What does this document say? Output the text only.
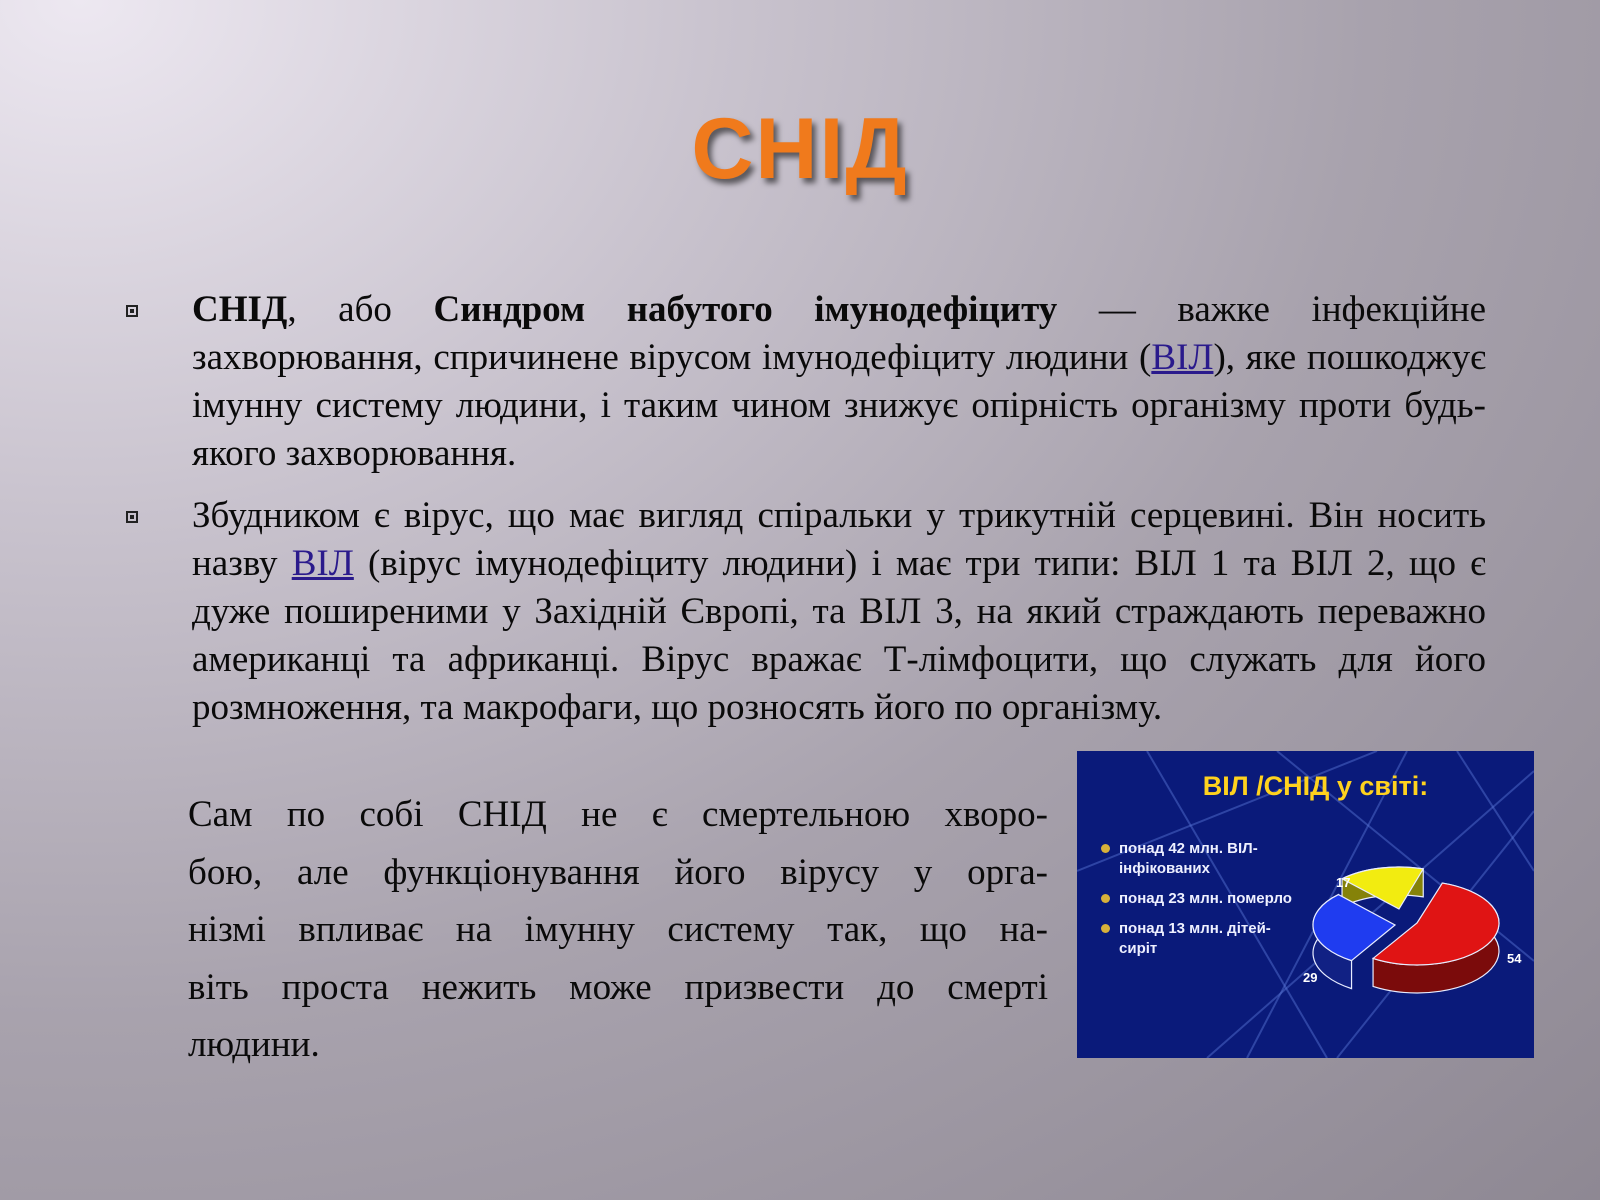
СНІД
СНІД, або Синдром набутого імунодефіциту — важке інфекційне захворювання, спричинене вірусом імунодефіциту людини (ВІЛ), яке пошкоджує імунну систему людини, і таким чином знижує опірність організму проти будь-якого захворювання.
Збудником є вірус, що має вигляд спіральки у трикутній серцевині. Він носить назву ВІЛ (вірус імунодефіциту людини) і має три типи: ВІЛ 1 та ВІЛ 2, що є дуже поширеними у Західній Європі, та ВІЛ 3, на який страждають переважно американці та африканці. Вірус вражає Т-лімфоцити, що служать для його розмноження, та макрофаги, що розносять його по організму.
Сам по собі СНІД не є смертельною хворо-
бою, але функціонування його вірусу у орга-
нізмі впливає на імунну систему так, що на-
віть проста нежить може призвести до смерті
людини.
ВІЛ /СНІД у світі:
понад 42 млн. ВІЛ-інфікованих
понад 23 млн. померло
понад 13 млн. дітей-сиріт
54
29
17
